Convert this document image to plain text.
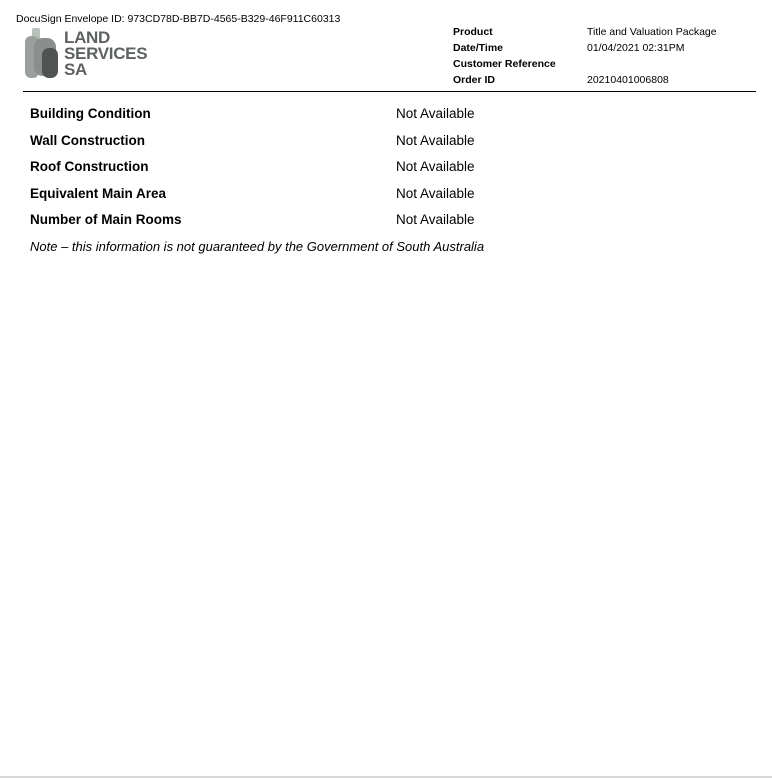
DocuSign Envelope ID: 973CD78D-BB7D-4565-B329-46F911C60313
LAND
SERVICES
SA
Product	Title and Valuation Package
Date/Time	01/04/2021 02:31PM
Customer Reference
Order ID	20210401006808
Building Condition	Not Available
Wall Construction	Not Available
Roof Construction	Not Available
Equivalent Main Area	Not Available
Number of Main Rooms	Not Available
Note – this information is not guaranteed by the Government of South Australia
